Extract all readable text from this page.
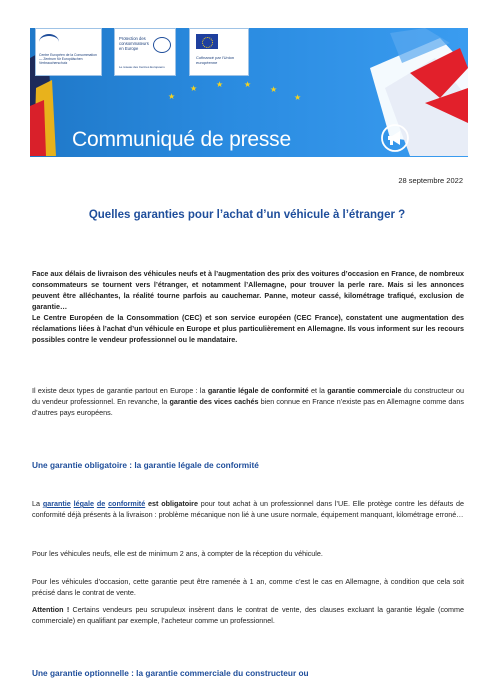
Centre Européen de la Consommation — Zentrum für Europäischen Verbraucherschutz
Protection des consommateurs en Europe
Le réseau des Centres Européens
Cofinancé par l'Union européenne
★
★ ★	★
★
★
Communiqué de presse
28 septembre 2022
Quelles garanties pour l’achat d’un véhicule à l’étranger ?
Face aux délais de livraison des véhicules neufs et à l’augmentation des prix des voitures d’occasion en France, de nombreux consommateurs se tournent vers l’étranger, et notamment l’Allemagne, pour trouver la perle rare. Mais si les annonces peuvent être alléchantes, la réalité tourne parfois au cauchemar. Panne, moteur cassé, kilométrage trafiqué, exclusion de garantie…
Le Centre Européen de la Consommation (CEC) et son service européen (CEC France), constatent une augmentation des réclamations liées à l’achat d’un véhicule en Europe et plus particulièrement en Allemagne. Ils vous informent sur les recours possibles contre le vendeur professionnel ou le mandataire.
Il existe deux types de garantie partout en Europe : la garantie légale de conformité et la garantie commerciale du constructeur ou du vendeur professionnel. En revanche, la garantie des vices cachés bien connue en France n’existe pas en Allemagne comme dans d’autres pays européens.
Une garantie obligatoire : la garantie légale de conformité
La garantie légale de conformité est obligatoire pour tout achat à un professionnel dans l’UE. Elle protège contre les défauts de conformité déjà présents à la livraison : problème mécanique non lié à une usure normale, équipement manquant, kilométrage erroné…
Pour les véhicules neufs, elle est de minimum 2 ans, à compter de la réception du véhicule.
Pour les véhicules d’occasion, cette garantie peut être ramenée à 1 an, comme c’est le cas en Allemagne, à condition que cela soit précisé dans le contrat de vente.
Attention ! Certains vendeurs peu scrupuleux insèrent dans le contrat de vente, des clauses excluant la garantie légale (comme commerciale) en qualifiant par exemple, l’acheteur comme un professionnel.
Une garantie optionnelle : la garantie commerciale du constructeur ou
